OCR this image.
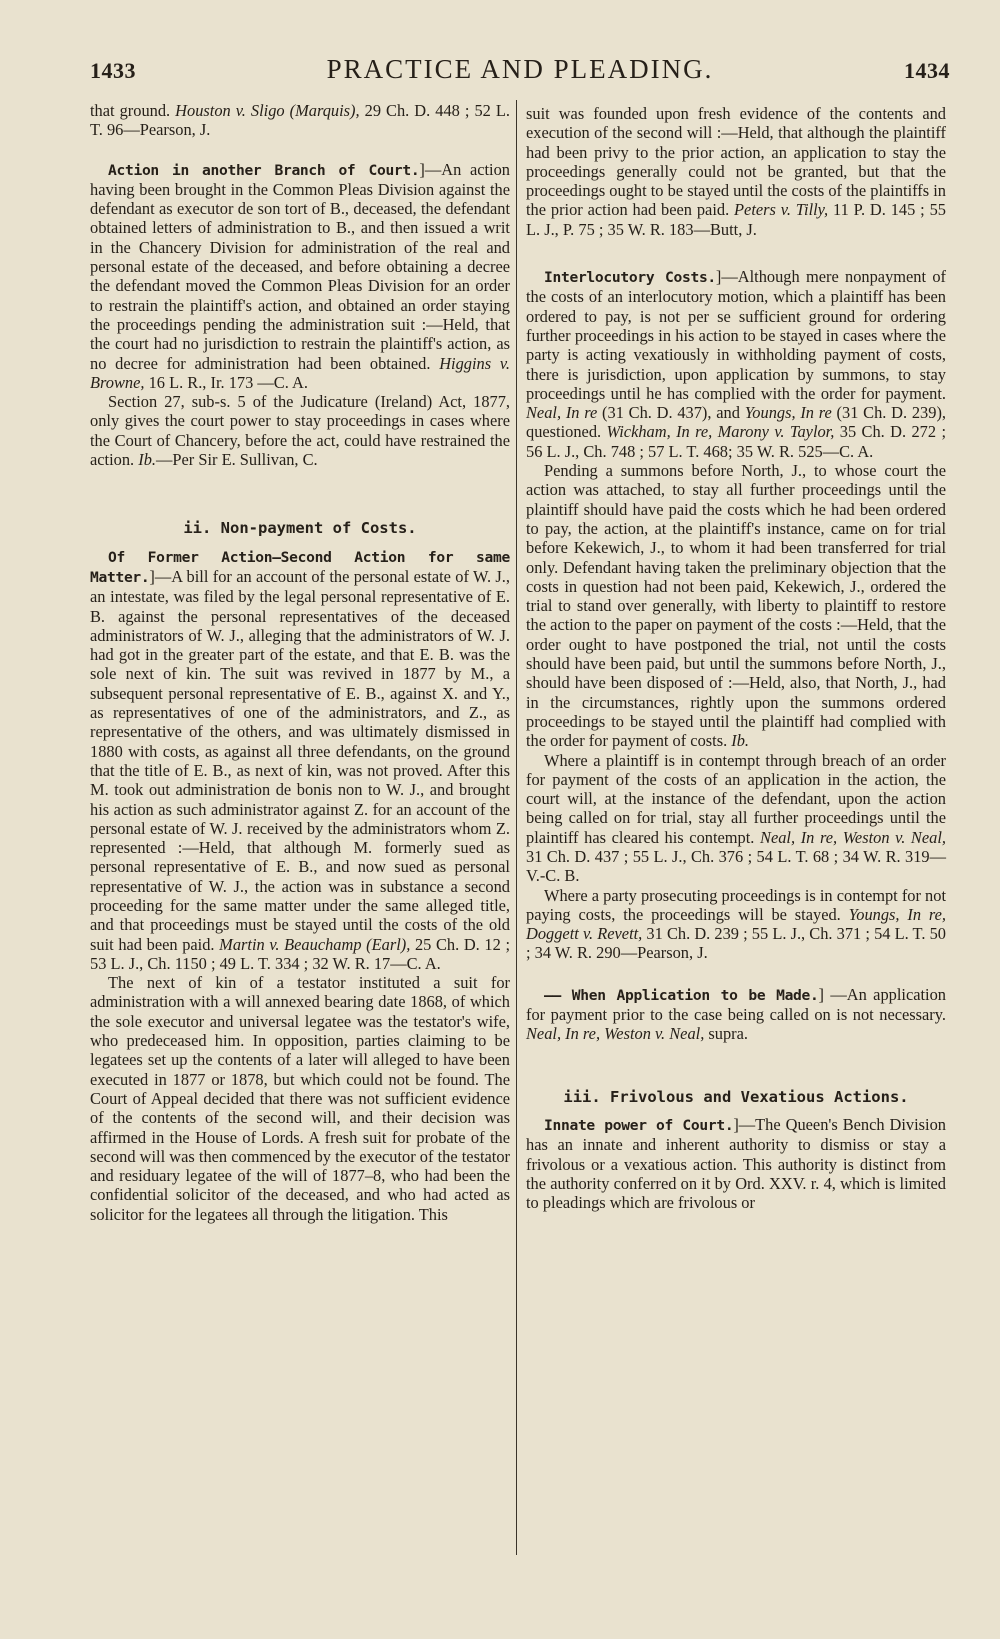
1433	PRACTICE AND PLEADING.	1434

that ground. Houston v. Sligo (Marquis), 29 Ch. D. 448 ; 52 L. T. 96—Pearson, J.

Action in another Branch of Court.]—An action having been brought in the Common Pleas Division against the defendant as executor de son tort of B., deceased, the defendant obtained letters of administration to B., and then issued a writ in the Chancery Division for administration of the real and personal estate of the deceased, and before obtaining a decree the defendant moved the Common Pleas Division for an order to restrain the plaintiff's action, and obtained an order staying the proceedings pending the administration suit :—Held, that the court had no jurisdiction to restrain the plaintiff's action, as no decree for administration had been obtained. Higgins v. Browne, 16 L. R., Ir. 173 —C. A.

Section 27, sub-s. 5 of the Judicature (Ireland) Act, 1877, only gives the court power to stay proceedings in cases where the Court of Chancery, before the act, could have restrained the action. Ib.—Per Sir E. Sullivan, C.

ii. Non-payment of Costs.

Of Former Action—Second Action for same Matter.]—A bill for an account of the personal estate of W. J., an intestate, was filed by the legal personal representative of E. B. against the personal representatives of the deceased administrators of W. J., alleging that the administrators of W. J. had got in the greater part of the estate, and that E. B. was the sole next of kin. The suit was revived in 1877 by M., a subsequent personal representative of E. B., against X. and Y., as representatives of one of the administrators, and Z., as representative of the others, and was ultimately dismissed in 1880 with costs, as against all three defendants, on the ground that the title of E. B., as next of kin, was not proved. After this M. took out administration de bonis non to W. J., and brought his action as such administrator against Z. for an account of the personal estate of W. J. received by the administrators whom Z. represented :—Held, that although M. formerly sued as personal representative of E. B., and now sued as personal representative of W. J., the action was in substance a second proceeding for the same matter under the same alleged title, and that proceedings must be stayed until the costs of the old suit had been paid. Martin v. Beauchamp (Earl), 25 Ch. D. 12 ; 53 L. J., Ch. 1150 ; 49 L. T. 334 ; 32 W. R. 17—C. A.

The next of kin of a testator instituted a suit for administration with a will annexed bearing date 1868, of which the sole executor and universal legatee was the testator's wife, who predeceased him. In opposition, parties claiming to be legatees set up the contents of a later will alleged to have been executed in 1877 or 1878, but which could not be found. The Court of Appeal decided that there was not sufficient evidence of the contents of the second will, and their decision was affirmed in the House of Lords. A fresh suit for probate of the second will was then commenced by the executor of the testator and residuary legatee of the will of 1877–8, who had been the confidential solicitor of the deceased, and who had acted as solicitor for the legatees all through the litigation. This

suit was founded upon fresh evidence of the contents and execution of the second will :—Held, that although the plaintiff had been privy to the prior action, an application to stay the proceedings generally could not be granted, but that the proceedings ought to be stayed until the costs of the plaintiffs in the prior action had been paid. Peters v. Tilly, 11 P. D. 145 ; 55 L. J., P. 75 ; 35 W. R. 183—Butt, J.

Interlocutory Costs.]—Although mere nonpayment of the costs of an interlocutory motion, which a plaintiff has been ordered to pay, is not per se sufficient ground for ordering further proceedings in his action to be stayed in cases where the party is acting vexatiously in withholding payment of costs, there is jurisdiction, upon application by summons, to stay proceedings until he has complied with the order for payment. Neal, In re (31 Ch. D. 437), and Youngs, In re (31 Ch. D. 239), questioned. Wickham, In re, Marony v. Taylor, 35 Ch. D. 272 ; 56 L. J., Ch. 748 ; 57 L. T. 468; 35 W. R. 525—C. A.

Pending a summons before North, J., to whose court the action was attached, to stay all further proceedings until the plaintiff should have paid the costs which he had been ordered to pay, the action, at the plaintiff's instance, came on for trial before Kekewich, J., to whom it had been transferred for trial only. Defendant having taken the preliminary objection that the costs in question had not been paid, Kekewich, J., ordered the trial to stand over generally, with liberty to plaintiff to restore the action to the paper on payment of the costs :—Held, that the order ought to have postponed the trial, not until the costs should have been paid, but until the summons before North, J., should have been disposed of :—Held, also, that North, J., had in the circumstances, rightly upon the summons ordered proceedings to be stayed until the plaintiff had complied with the order for payment of costs. Ib.

Where a plaintiff is in contempt through breach of an order for payment of the costs of an application in the action, the court will, at the instance of the defendant, upon the action being called on for trial, stay all further proceedings until the plaintiff has cleared his contempt. Neal, In re, Weston v. Neal, 31 Ch. D. 437 ; 55 L. J., Ch. 376 ; 54 L. T. 68 ; 34 W. R. 319—V.-C. B.

Where a party prosecuting proceedings is in contempt for not paying costs, the proceedings will be stayed. Youngs, In re, Doggett v. Revett, 31 Ch. D. 239 ; 55 L. J., Ch. 371 ; 54 L. T. 50 ; 34 W. R. 290—Pearson, J.

—— When Application to be Made.] —An application for payment prior to the case being called on is not necessary. Neal, In re, Weston v. Neal, supra.

iii. Frivolous and Vexatious Actions.

Innate power of Court.]—The Queen's Bench Division has an innate and inherent authority to dismiss or stay a frivolous or a vexatious action. This authority is distinct from the authority conferred on it by Ord. XXV. r. 4, which is limited to pleadings which are frivolous or
